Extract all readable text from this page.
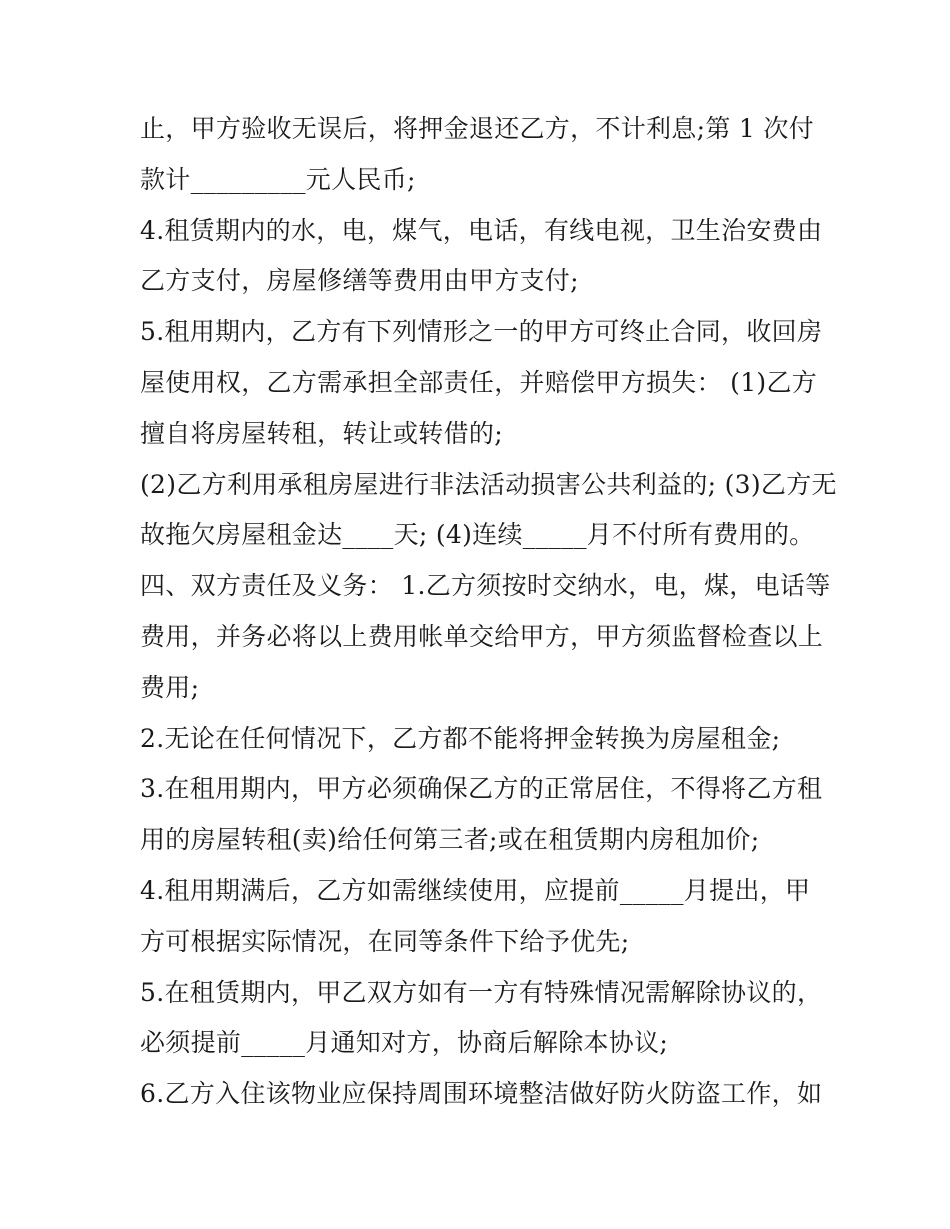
止，甲方验收无误后，将押金退还乙方，不计利息;第 1 次付
款计_________元人民币;
4.租赁期内的水，电，煤气，电话，有线电视，卫生治安费由
乙方支付，房屋修缮等费用由甲方支付;
5.租用期内，乙方有下列情形之一的甲方可终止合同，收回房
屋使用权，乙方需承担全部责任，并赔偿甲方损失： (1)乙方
擅自将房屋转租，转让或转借的;
(2)乙方利用承租房屋进行非法活动损害公共利益的; (3)乙方无
故拖欠房屋租金达____天; (4)连续_____月不付所有费用的。
四、双方责任及义务： 1.乙方须按时交纳水，电，煤，电话等
费用，并务必将以上费用帐单交给甲方，甲方须监督检查以上
费用;
2.无论在任何情况下，乙方都不能将押金转换为房屋租金;
3.在租用期内，甲方必须确保乙方的正常居住，不得将乙方租
用的房屋转租(卖)给任何第三者;或在租赁期内房租加价;
4.租用期满后，乙方如需继续使用，应提前_____月提出，甲
方可根据实际情况，在同等条件下给予优先;
5.在租赁期内，甲乙双方如有一方有特殊情况需解除协议的，
必须提前_____月通知对方，协商后解除本协议;
6.乙方入住该物业应保持周围环境整洁做好防火防盗工作，如
